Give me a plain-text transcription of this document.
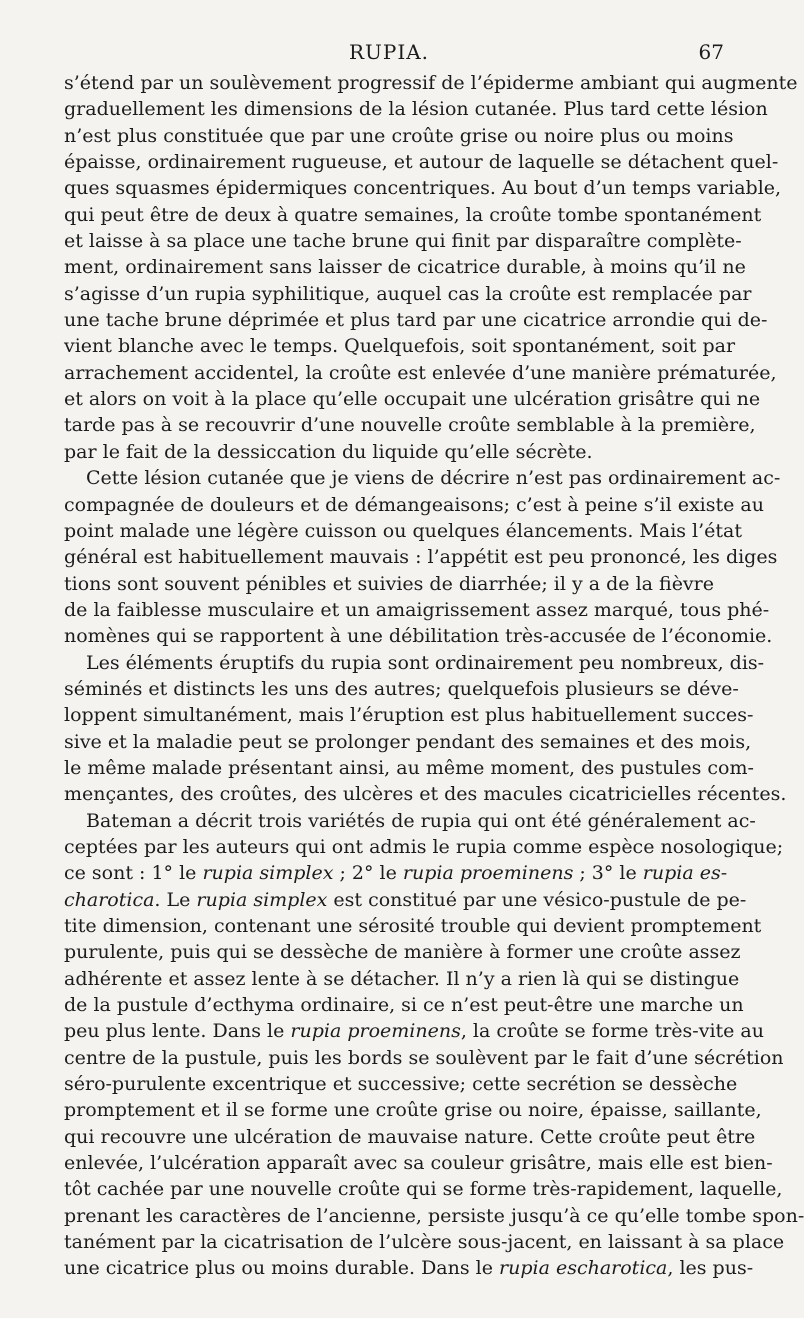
RUPIA.	67
s’étend par un soulèvement progressif de l’épiderme ambiant qui augmente
graduellement les dimensions de la lésion cutanée. Plus tard cette lésion
n’est plus constituée que par une croûte grise ou noire plus ou moins
épaisse, ordinairement rugueuse, et autour de laquelle se détachent quel-
ques squasmes épidermiques concentriques. Au bout d’un temps variable,
qui peut être de deux à quatre semaines, la croûte tombe spontanément
et laisse à sa place une tache brune qui finit par disparaître complète-
ment, ordinairement sans laisser de cicatrice durable, à moins qu’il ne
s’agisse d’un rupia syphilitique, auquel cas la croûte est remplacée par
une tache brune déprimée et plus tard par une cicatrice arrondie qui de-
vient blanche avec le temps. Quelquefois, soit spontanément, soit par
arrachement accidentel, la croûte est enlevée d’une manière prématurée,
et alors on voit à la place qu’elle occupait une ulcération grisâtre qui ne
tarde pas à se recouvrir d’une nouvelle croûte semblable à la première,
par le fait de la dessiccation du liquide qu’elle sécrète.
Cette lésion cutanée que je viens de décrire n’est pas ordinairement ac-
compagnée de douleurs et de démangeaisons; c’est à peine s’il existe au
point malade une légère cuisson ou quelques élancements. Mais l’état
général est habituellement mauvais : l’appétit est peu prononcé, les diges
tions sont souvent pénibles et suivies de diarrhée; il y a de la fièvre
de la faiblesse musculaire et un amaigrissement assez marqué, tous phé-
nomènes qui se rapportent à une débilitation très-accusée de l’économie.
Les éléments éruptifs du rupia sont ordinairement peu nombreux, dis-
séminés et distincts les uns des autres; quelquefois plusieurs se déve-
loppent simultanément, mais l’éruption est plus habituellement succes-
sive et la maladie peut se prolonger pendant des semaines et des mois,
le même malade présentant ainsi, au même moment, des pustules com-
mençantes, des croûtes, des ulcères et des macules cicatricielles récentes.
Bateman a décrit trois variétés de rupia qui ont été généralement ac-
ceptées par les auteurs qui ont admis le rupia comme espèce nosologique;
ce sont : 1° le rupia simplex ; 2° le rupia proeminens ; 3° le rupia es-
charotica. Le rupia simplex est constitué par une vésico-pustule de pe-
tite dimension, contenant une sérosité trouble qui devient promptement
purulente, puis qui se dessèche de manière à former une croûte assez
adhérente et assez lente à se détacher. Il n’y a rien là qui se distingue
de la pustule d’ecthyma ordinaire, si ce n’est peut-être une marche un
peu plus lente. Dans le rupia proeminens, la croûte se forme très-vite au
centre de la pustule, puis les bords se soulèvent par le fait d’une sécrétion
séro-purulente excentrique et successive; cette secrétion se dessèche
promptement et il se forme une croûte grise ou noire, épaisse, saillante,
qui recouvre une ulcération de mauvaise nature. Cette croûte peut être
enlevée, l’ulcération apparaît avec sa couleur grisâtre, mais elle est bien-
tôt cachée par une nouvelle croûte qui se forme très-rapidement, laquelle,
prenant les caractères de l’ancienne, persiste jusqu’à ce qu’elle tombe spon-
tanément par la cicatrisation de l’ulcère sous-jacent, en laissant à sa place
une cicatrice plus ou moins durable. Dans le rupia escharotica, les pus-
